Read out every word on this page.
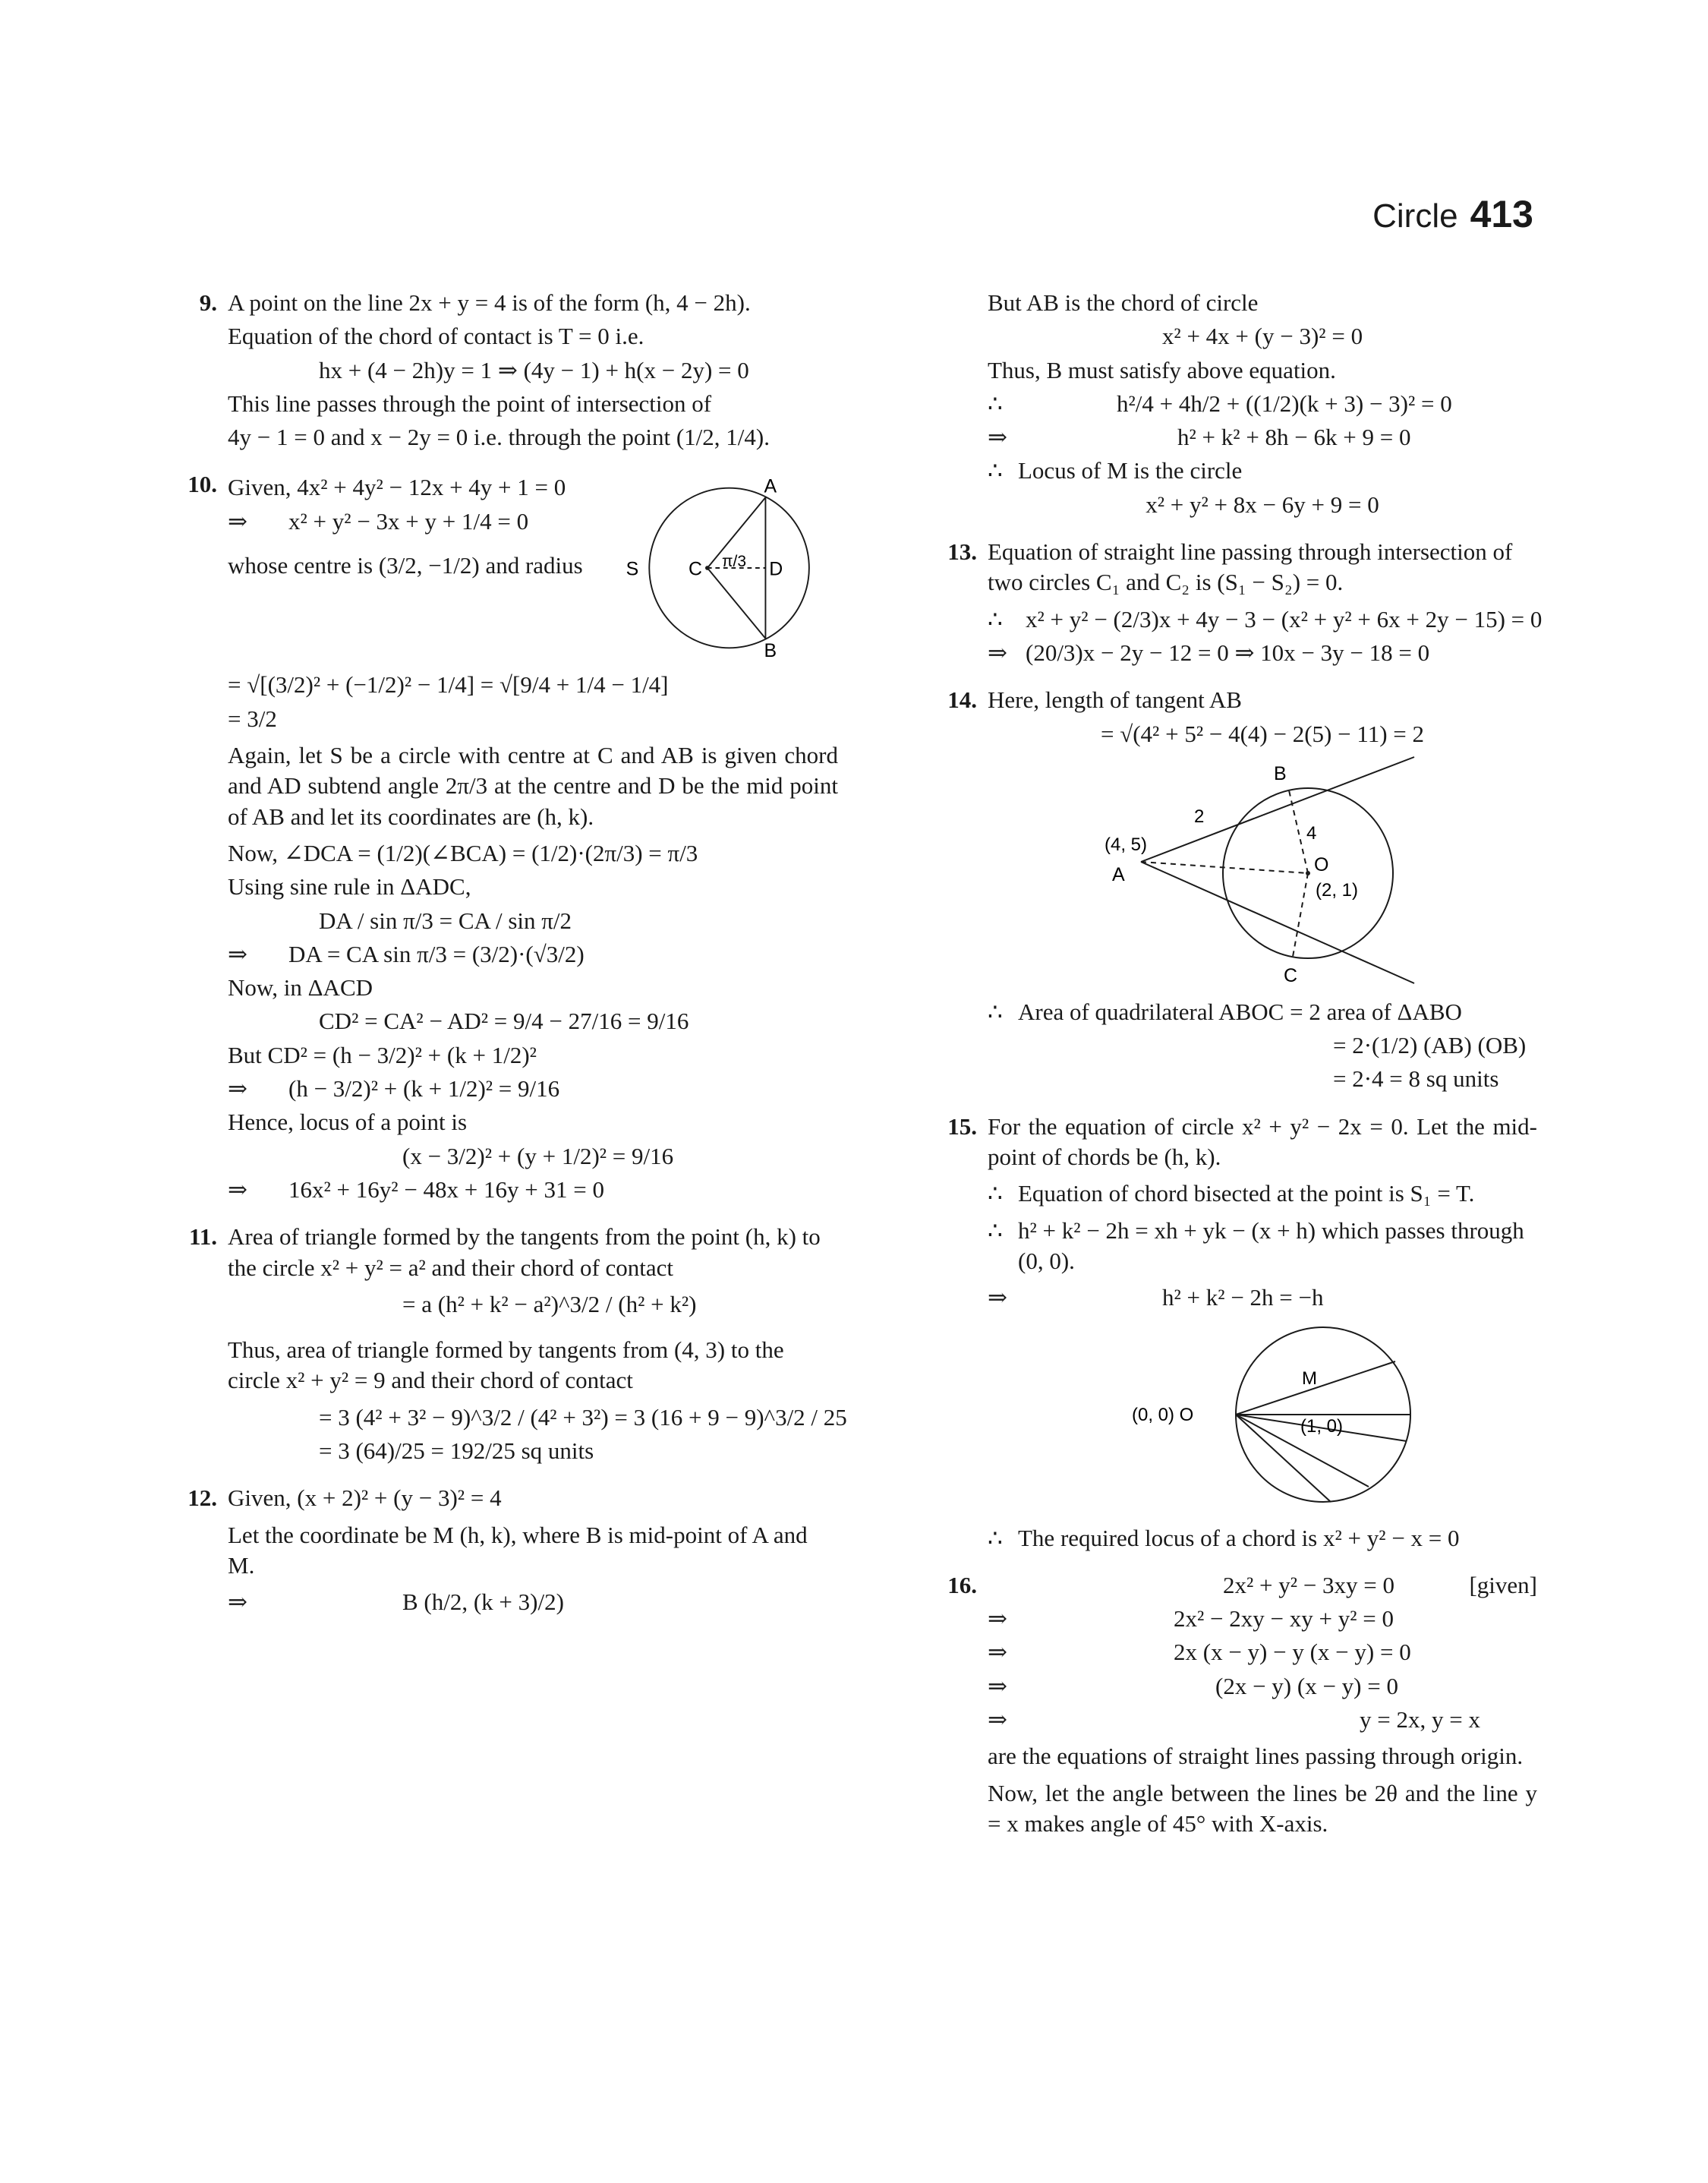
Circle 413
9. A point on the line 2x + y = 4 is of the form (h, 4 − 2h).
Equation of the chord of contact is T = 0 i.e.
hx + (4 − 2h)y = 1 ⇒ (4y − 1) + h(x − 2y) = 0
This line passes through the point of intersection of
4y − 1 = 0 and x − 2y = 0 i.e. through the point (1/2, 1/4).
10. Given, 4x² + 4y² − 12x + 4y + 1 = 0
⇒	x² + y² − 3x + y + 1/4 = 0
whose centre is (3/2, −1/2) and radius
A
B
C	D
S	π/3
= √[(3/2)² + (−1/2)² − 1/4] = √[9/4 + 1/4 − 1/4]
= 3/2
Again, let S be a circle with centre at C and AB is given chord and AD subtend angle 2π/3 at the centre and D be the mid point of AB and let its coordinates are (h, k).
Now, ∠DCA = (1/2)(∠BCA) = (1/2)·(2π/3) = π/3
Using sine rule in ΔADC,
DA / sin π/3 = CA / sin π/2
⇒	DA = CA sin π/3 = (3/2)·(√3/2)
Now, in ΔACD
CD² = CA² − AD² = 9/4 − 27/16 = 9/16
But CD² = (h − 3/2)² + (k + 1/2)²
⇒	(h − 3/2)² + (k + 1/2)² = 9/16
Hence, locus of a point is
(x − 3/2)² + (y + 1/2)² = 9/16
⇒	16x² + 16y² − 48x + 16y + 31 = 0
11. Area of triangle formed by the tangents from the point (h, k) to the circle x² + y² = a² and their chord of contact
= a (h² + k² − a²)^3/2 / (h² + k²)
Thus, area of triangle formed by tangents from (4, 3) to the circle x² + y² = 9 and their chord of contact
= 3 (4² + 3² − 9)^3/2 / (4² + 3²) = 3 (16 + 9 − 9)^3/2 / 25
= 3 (64)/25 = 192/25 sq units
12. Given, (x + 2)² + (y − 3)² = 4
Let the coordinate be M (h, k), where B is mid-point of A and M.
⇒	B (h/2, (k + 3)/2)
But AB is the chord of circle
x² + 4x + (y − 3)² = 0
Thus, B must satisfy above equation.
∴	h²/4 + 4h/2 + ((1/2)(k + 3) − 3)² = 0
⇒	h² + k² + 8h − 6k + 9 = 0
∴ Locus of M is the circle
x² + y² + 8x − 6y + 9 = 0
13. Equation of straight line passing through intersection of two circles C₁ and C₂ is (S₁ − S₂) = 0.
∴ x² + y² − (2/3)x + 4y − 3 − (x² + y² + 6x + 2y − 15) = 0
⇒ (20/3)x − 2y − 12 = 0 ⇒ 10x − 3y − 18 = 0
14. Here, length of tangent AB
= √(4² + 5² − 4(4) − 2(5) − 11) = 2
B
C
A
(4, 5)
O
(2, 1)
2
4
∴ Area of quadrilateral ABOC = 2 area of ΔABO
= 2·(1/2) (AB) (OB)
= 2·4 = 8 sq units
15. For the equation of circle x² + y² − 2x = 0. Let the mid-point of chords be (h, k).
∴ Equation of chord bisected at the point is S₁ = T.
∴ h² + k² − 2h = xh + yk − (x + h) which passes through (0, 0).
⇒	h² + k² − 2h = −h
(0, 0) O
M
(1, 0)
∴ The required locus of a chord is x² + y² − x = 0
16.	2x² + y² − 3xy = 0	[given]
⇒	2x² − 2xy − xy + y² = 0
⇒	2x (x − y) − y (x − y) = 0
⇒	(2x − y) (x − y) = 0
⇒	y = 2x, y = x
are the equations of straight lines passing through origin.
Now, let the angle between the lines be 2θ and the line y = x makes angle of 45° with X-axis.
